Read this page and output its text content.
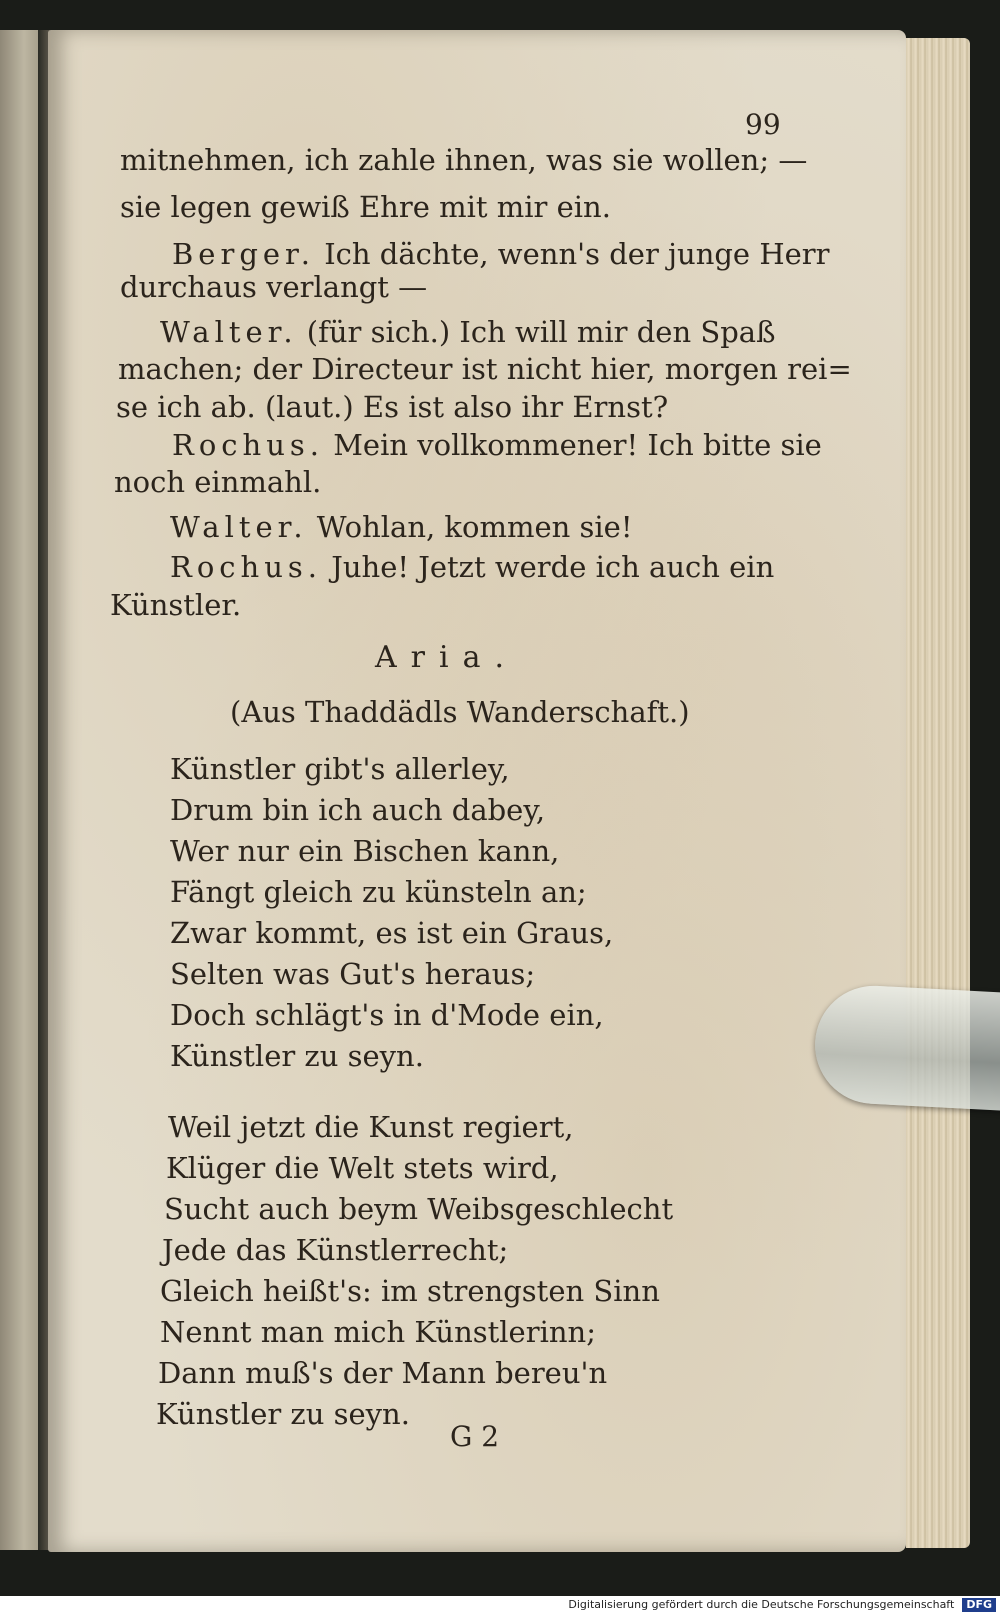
99
mitnehmen, ich zahle ihnen, was sie wollen; —
sie legen gewiß Ehre mit mir ein.
Berger. Ich dächte, wenn's der junge Herr
durchaus verlangt —
Walter. (für sich.) Ich will mir den Spaß
machen; der Directeur ist nicht hier, morgen rei=
se ich ab. (laut.) Es ist also ihr Ernst?
Rochus. Mein vollkommener! Ich bitte sie
noch einmahl.
Walter. Wohlan, kommen sie!
Rochus. Juhe! Jetzt werde ich auch ein
Künstler.
Aria.
(Aus Thaddädls Wanderschaft.)
Künstler gibt's allerley,
Drum bin ich auch dabey,
Wer nur ein Bischen kann,
Fängt gleich zu künsteln an;
Zwar kommt, es ist ein Graus,
Selten was Gut's heraus;
Doch schlägt's in d'Mode ein,
Künstler zu seyn.
Weil jetzt die Kunst regiert,
Klüger die Welt stets wird,
Sucht auch beym Weibsgeschlecht
Jede das Künstlerrecht;
Gleich heißt's: im strengsten Sinn
Nennt man mich Künstlerinn;
Dann muß's der Mann bereu'n
Künstler zu seyn.
G 2
Digitalisierung gefördert durch die Deutsche Forschungsgemeinschaft DFG
